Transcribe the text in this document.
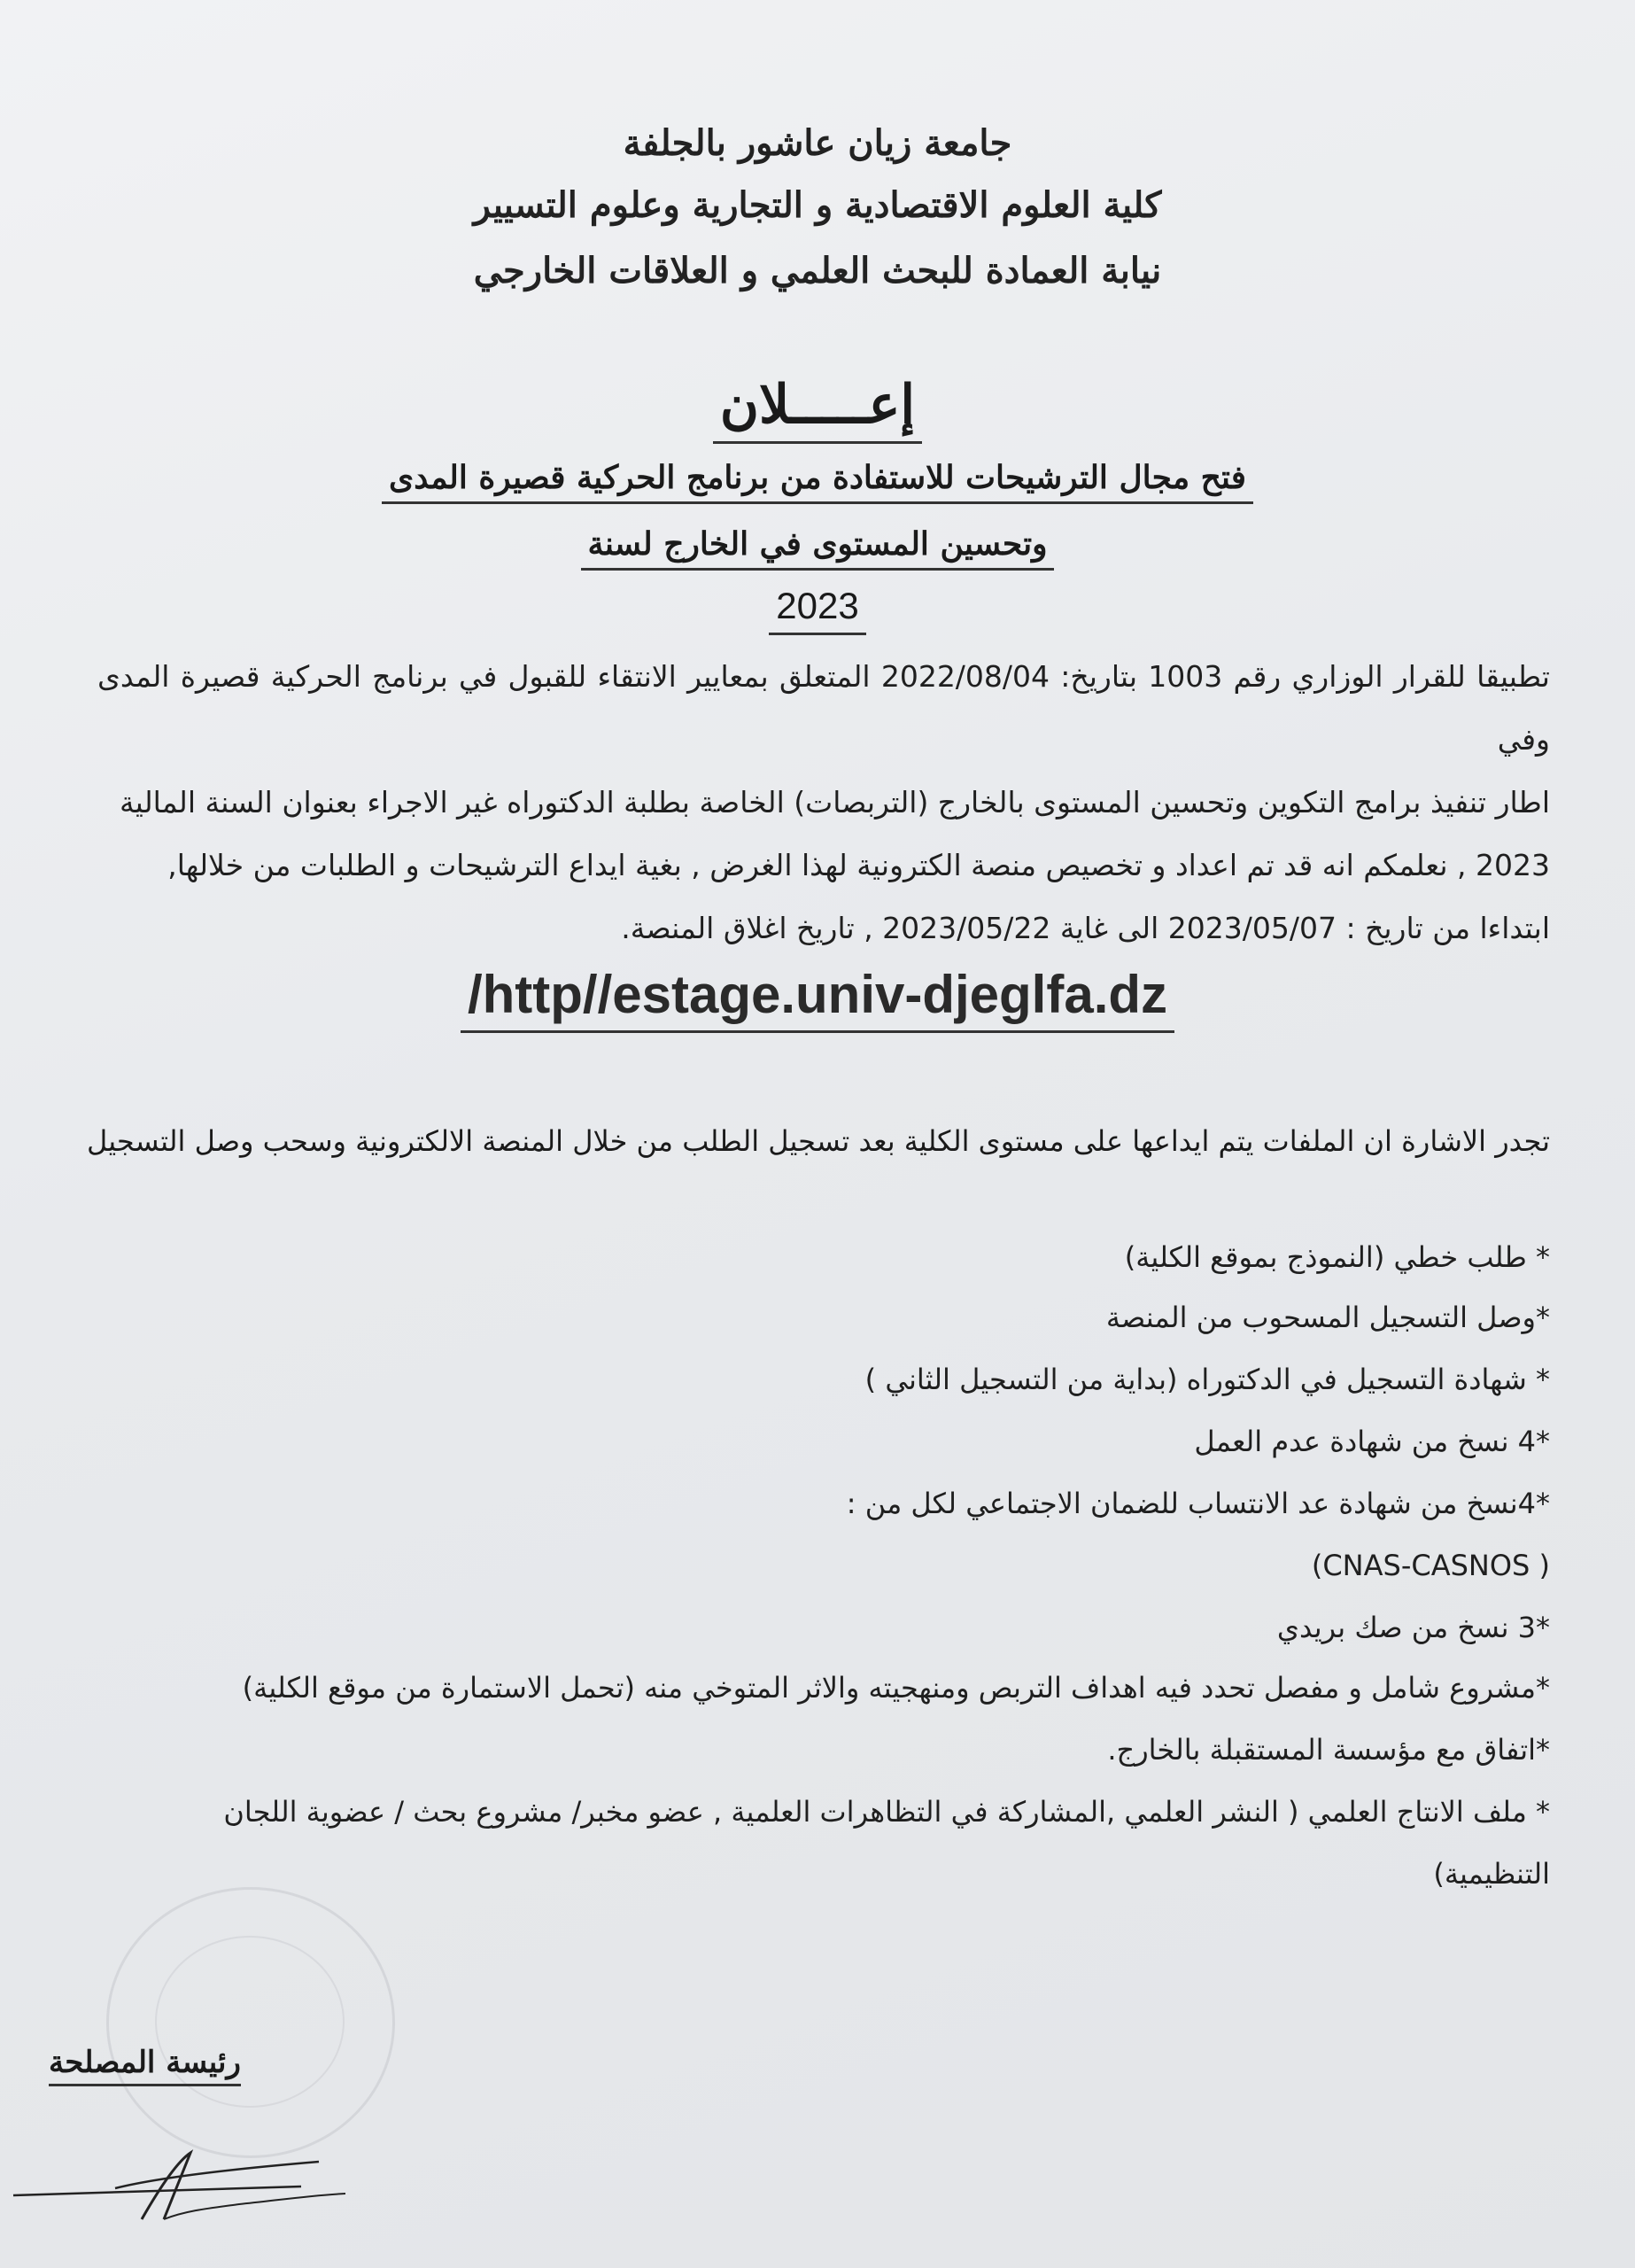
جامعة زيان عاشور بالجلفة
كلية العلوم الاقتصادية و التجارية وعلوم التسيير
نيابة العمادة للبحث العلمي و العلاقات الخارجي
إعـــــلان
فتح مجال الترشيحات للاستفادة من برنامج الحركية قصيرة المدى
وتحسين المستوى في الخارج لسنة
2023
تطبيقا للقرار الوزاري رقم 1003 بتاريخ: 2022/08/04 المتعلق بمعايير الانتقاء للقبول في برنامج الحركية قصيرة المدى وفي
اطار تنفيذ برامج التكوين وتحسين المستوى بالخارج (التربصات) الخاصة بطلبة الدكتوراه غير الاجراء بعنوان السنة المالية
2023 , نعلمكم انه قد تم اعداد و تخصيص منصة الكترونية لهذا الغرض , بغية ايداع الترشيحات و الطلبات من خلالها,
ابتداءا من تاريخ : 2023/05/07 الى غاية 2023/05/22 , تاريخ اغلاق المنصة.
/http//estage.univ-djeglfa.dz
تجدر الاشارة ان الملفات يتم ايداعها على مستوى الكلية بعد تسجيل الطلب من خلال المنصة الالكترونية وسحب وصل التسجيل
* طلب خطي (النموذج بموقع الكلية)
*وصل التسجيل المسحوب من المنصة
* شهادة التسجيل في الدكتوراه (بداية من التسجيل الثاني )
*4 نسخ من شهادة عدم العمل
*4نسخ من شهادة عد الانتساب للضمان الاجتماعي لكل من :
(CNAS-CASNOS )
*3 نسخ من صك بريدي
*مشروع شامل و مفصل تحدد فيه اهداف التربص ومنهجيته والاثر المتوخي منه (تحمل الاستمارة من موقع الكلية)
*اتفاق مع مؤسسة المستقبلة بالخارج.
* ملف الانتاج العلمي ( النشر العلمي ,المشاركة في التظاهرات العلمية , عضو مخبر/ مشروع بحث / عضوية اللجان
التنظيمية)
رئيسة المصلحة
